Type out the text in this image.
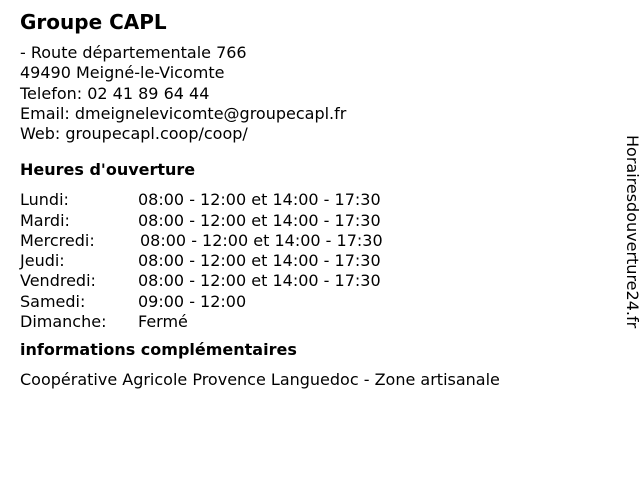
Groupe CAPL
- Route départementale 766
49490 Meigné-le-Vicomte
Telefon: 02 41 89 64 44
Email: dmeignelevicomte@groupecapl.fr
Web: groupecapl.coop/coop/
Heures d'ouverture
Lundi:	08:00 - 12:00 et 14:00 - 17:30
Mardi:	08:00 - 12:00 et 14:00 - 17:30
Mercredi:	08:00 - 12:00 et 14:00 - 17:30
Jeudi:	08:00 - 12:00 et 14:00 - 17:30
Vendredi:	08:00 - 12:00 et 14:00 - 17:30
Samedi:	09:00 - 12:00
Dimanche:	Fermé
informations complémentaires
Coopérative Agricole Provence Languedoc - Zone artisanale
Horairesdouverture24.fr
